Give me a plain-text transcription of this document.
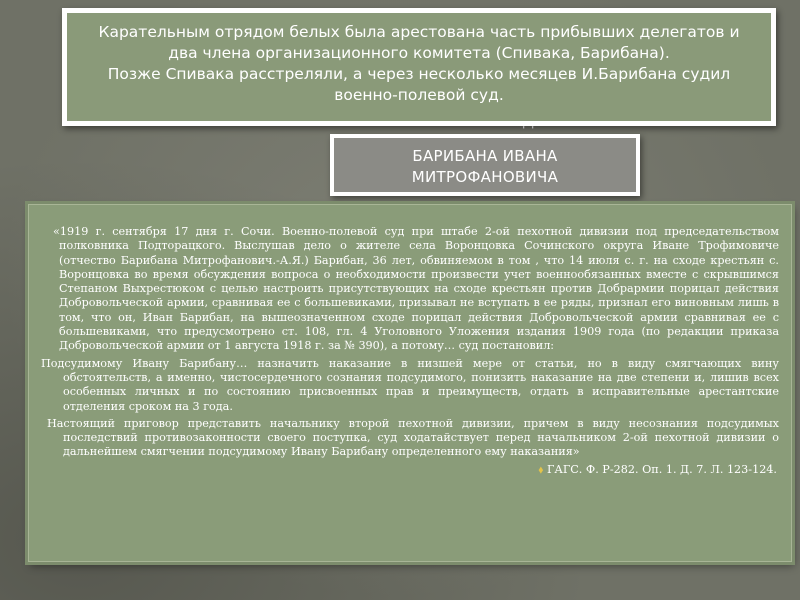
Карательным отрядом белых была арестована часть прибывших делегатов и

два члена организационного комитета (Спивака, Барибана).

Позже Спивака расстреляли, а через несколько месяцев И.Барибана судил

военно-полевой суд.

БАРИБАНА ИВАНА
МИТРОФАНОВИЧА

«1919 г. сентября 17 дня г. Сочи. Военно-полевой суд при штабе 2-ой пехотной дивизии под председательством полковника Подторацкого. Выслушав дело о жителе села Воронцовка Сочинского округа Иване Трофимовиче (отчество Барибана Митрофанович.-А.Я.) Барибан, 36 лет, обвиняемом в том , что 14 июля с. г. на сходе крестьян с. Воронцовка во время обсуждения вопроса о необходимости произвести учет военнообязанных вместе с скрывшимся Степаном Выхрестюком с целью настроить присутствующих на сходе крестьян против Добрармии порицал действия Добровольческой армии, сравнивая ее с большевиками, призывал не вступать в ее ряды, признал его виновным лишь в том, что он, Иван Барибан, на вышеозначенном сходе порицал действия Добровольческой армии сравнивая ее с большевиками, что предусмотрено ст. 108, гл. 4 Уголовного Уложения издания 1909 года (по редакции приказа Добровольческой армии от 1 августа 1918 г. за № 390), а потому… суд постановил:

Подсудимому Ивану Барибану… назначить наказание в низшей мере от статьи, но в виду смягчающих вину обстоятельств, а именно, чистосердечного сознания подсудимого, понизить наказание на две степени и, лишив всех особенных личных и по состоянию присвоенных прав и преимуществ, отдать в исправительные арестантские отделения сроком на 3 года.

Настоящий приговор представить начальнику второй пехотной дивизии, причем в виду несознания подсудимых последствий противозаконности своего поступка, суд ходатайствует перед начальником 2-ой пехотной дивизии о дальнейшем смягчении подсудимому Ивану Барибану определенного ему наказания»

⬧ ГАГС. Ф. Р-282. Оп. 1. Д. 7. Л. 123-124.
